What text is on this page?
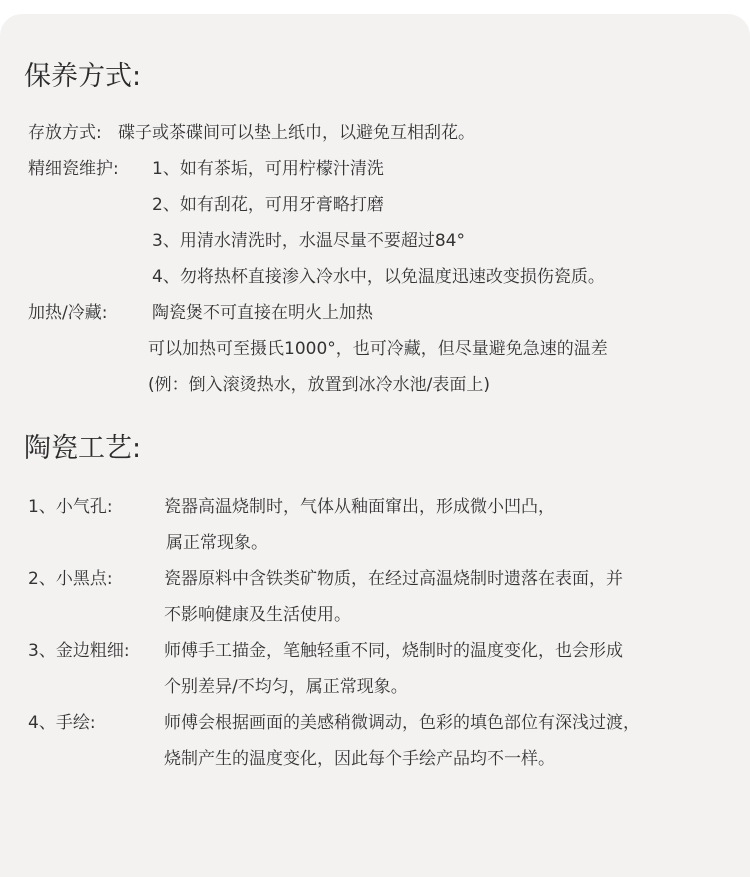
保养方式:
存放方式: 碟子或茶碟间可以垫上纸巾，以避免互相刮花。
精细瓷维护: 1、如有茶垢，可用柠檬汁清洗
2、如有刮花，可用牙膏略打磨
3、用清水清洗时，水温尽量不要超过84°
4、勿将热杯直接渗入冷水中，以免温度迅速改变损伤瓷质。
加热/冷藏:	陶瓷煲不可直接在明火上加热
可以加热可至摄氏1000°，也可冷藏，但尽量避免急速的温差
(例：倒入滚烫热水，放置到冰冷水池/表面上)
陶瓷工艺:
1、小气孔:	瓷器高温烧制时，气体从釉面窜出，形成微小凹凸，
属正常现象。
2、小黑点:	瓷器原料中含铁类矿物质，在经过高温烧制时遗落在表面，并
不影响健康及生活使用。
3、金边粗细: 师傅手工描金，笔触轻重不同，烧制时的温度变化，也会形成
个别差异/不均匀，属正常现象。
4、手绘:	师傅会根据画面的美感稍微调动，色彩的填色部位有深浅过渡，
烧制产生的温度变化，因此每个手绘产品均不一样。
